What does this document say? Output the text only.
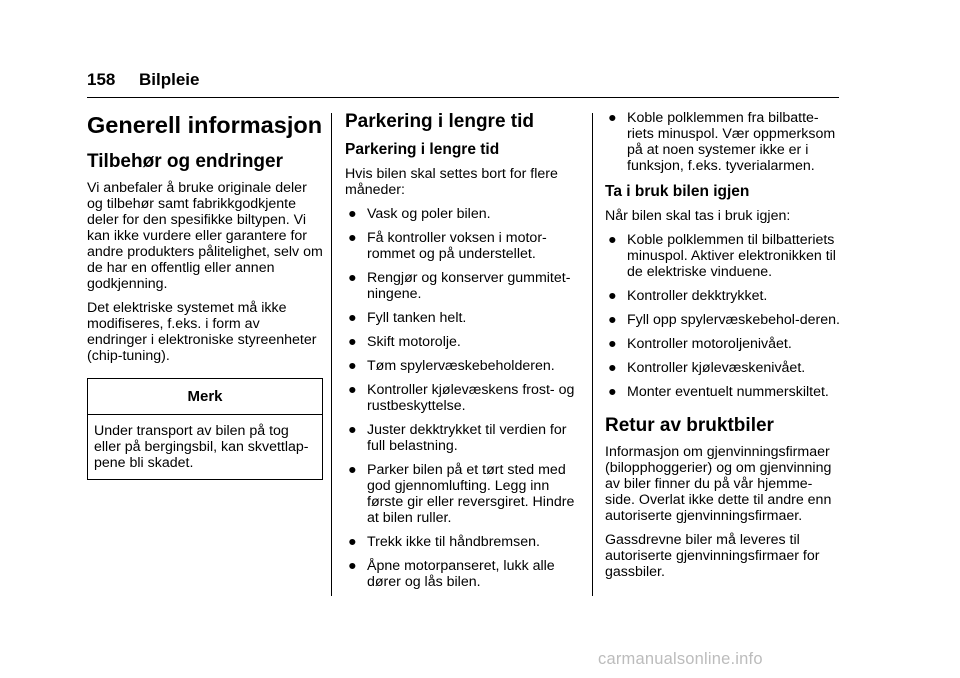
158 Bilpleie
Generell informasjon
Tilbehør og endringer

Vi anbefaler å bruke originale deler og tilbehør samt fabrikkgodkjente deler for den spesifikke biltypen. Vi kan ikke vurdere eller garantere for andre produkters pålitelighet, selv om de har en offentlig eller annen godkjenning.

Det elektriske systemet må ikke modifiseres, f.eks. i form av endringer i elektroniske styreenheter (chip-tuning).

Merk
Under transport av bilen på tog eller på bergingsbil, kan skvettlap-pene bli skadet.
Parkering i lengre tid
Parkering i lengre tid

Hvis bilen skal settes bort for flere måneder:

● Vask og poler bilen.
● Få kontroller voksen i motor-rommet og på understellet.
● Rengjør og konserver gummitet-ningene.
● Fyll tanken helt.
● Skift motorolje.
● Tøm spylervæskebeholderen.
● Kontroller kjølevæskens frost- og rustbeskyttelse.
● Juster dekktrykket til verdien for full belastning.
● Parker bilen på et tørt sted med god gjennomlufting. Legg inn første gir eller reversgiret. Hindre at bilen ruller.
● Trekk ikke til håndbremsen.
● Åpne motorpanseret, lukk alle dører og lås bilen.
● Koble polklemmen fra bilbatte-riets minuspol. Vær oppmerksom på at noen systemer ikke er i funksjon, f.eks. tyverialarmen.
Ta i bruk bilen igjen

Når bilen skal tas i bruk igjen:

● Koble polklemmen til bilbatteriets minuspol. Aktiver elektronikken til de elektriske vinduene.
● Kontroller dekktrykket.
● Fyll opp spylervæskebehol-deren.
● Kontroller motoroljenivået.
● Kontroller kjølevæskenivået.
● Monter eventuelt nummerskiltet.
Retur av bruktbiler

Informasjon om gjenvinningsfirmaer (bilopphoggerier) og om gjenvinning av biler finner du på vår hjemme-side. Overlat ikke dette til andre enn autoriserte gjenvinningsfirmaer.

Gassdrevne biler må leveres til autoriserte gjenvinningsfirmaer for gassbiler.

carmanualsonline.info
